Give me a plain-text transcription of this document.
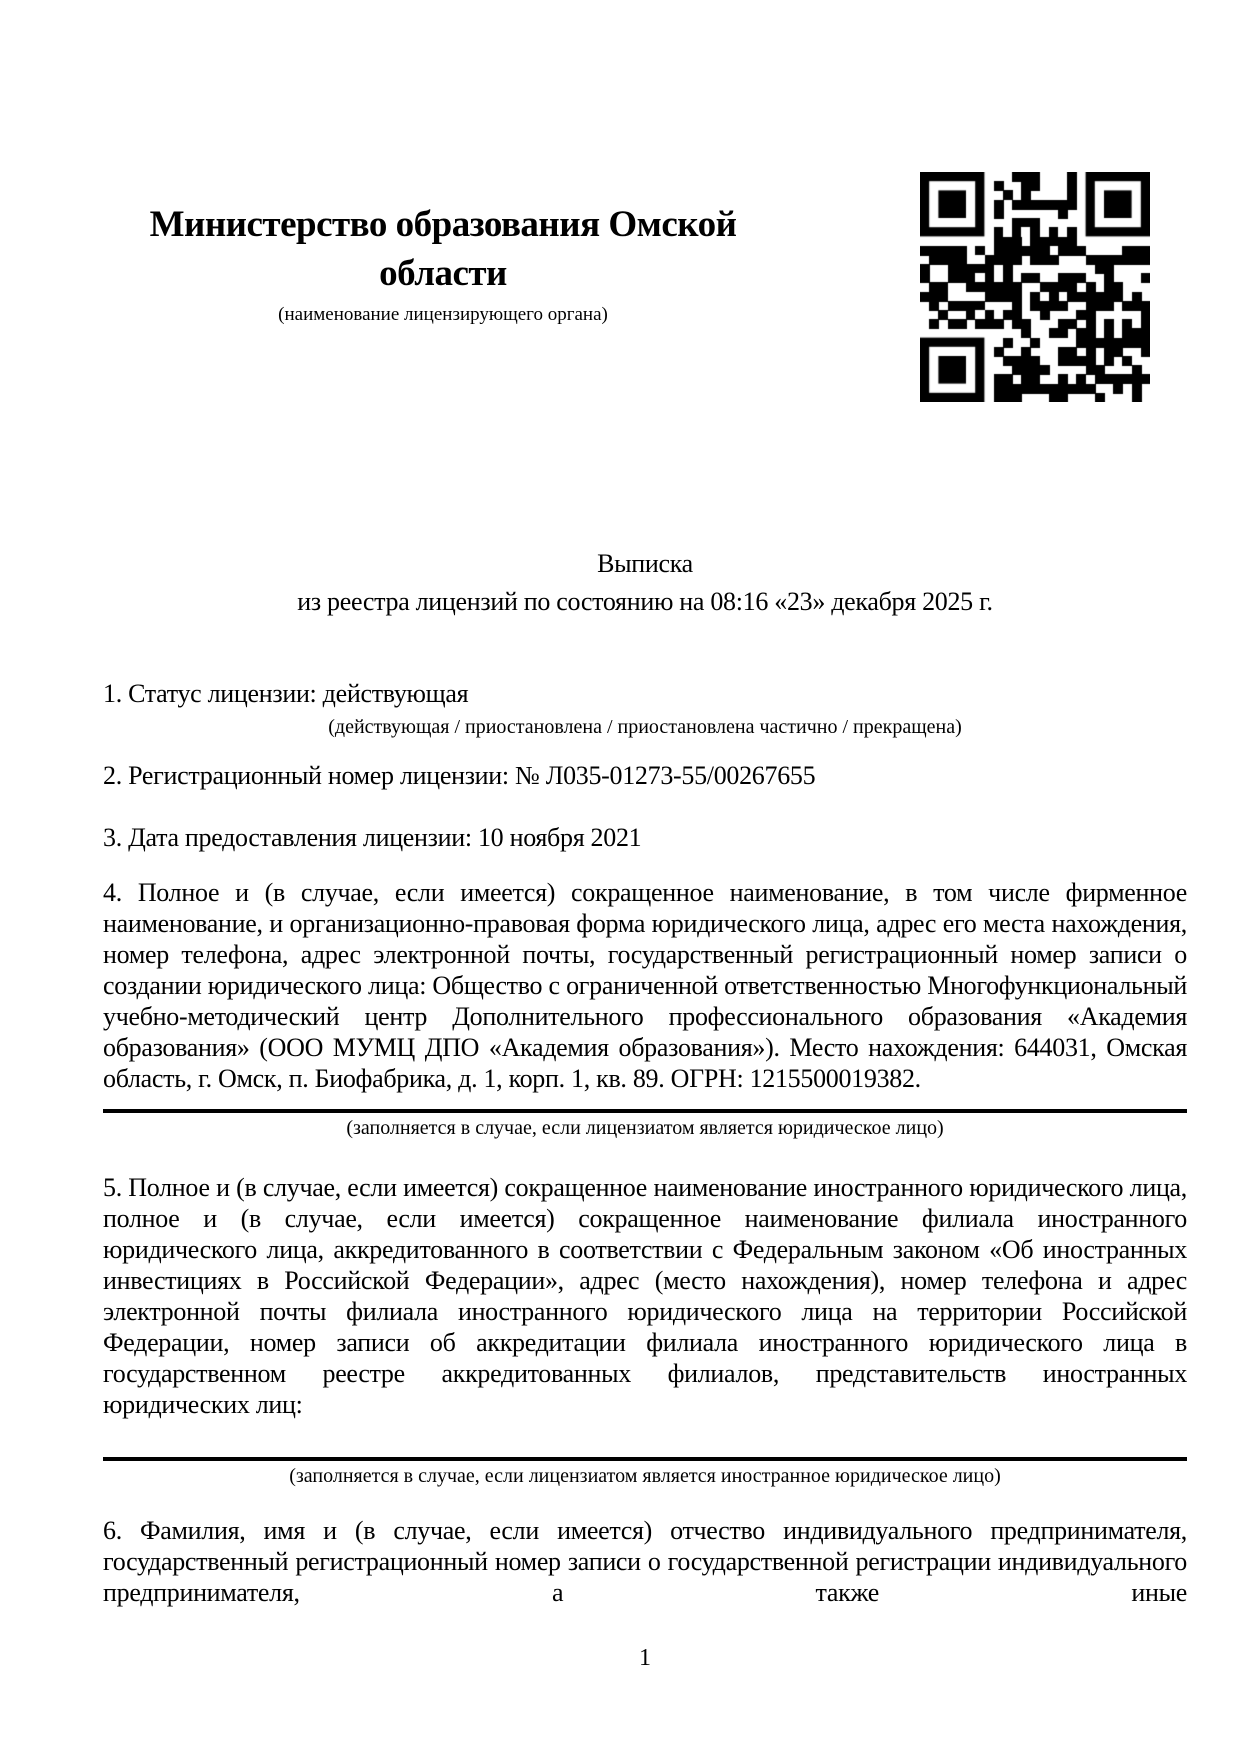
Министерство образования Омской области
(наименование лицензирующего органа)
Выписка
из реестра лицензий по состоянию на 08:16 «23» декабря 2025 г.
1. Статус лицензии: действующая
(действующая / приостановлена / приостановлена частично / прекращена)
2. Регистрационный номер лицензии: № Л035-01273-55/00267655
3. Дата предоставления лицензии: 10 ноября 2021
4. Полное и (в случае, если имеется) сокращенное наименование, в том числе фирменное наименование, и организационно-правовая форма юридического лица, адрес его места нахождения, номер телефона, адрес электронной почты, государственный регистрационный номер записи о создании юридического лица: Общество с ограниченной ответственностью Многофункциональный учебно-методический центр Дополнительного профессионального образования «Академия образования» (ООО МУМЦ ДПО «Академия образования»). Место нахождения: 644031, Омская область, г. Омск, п. Биофабрика, д. 1, корп. 1, кв. 89. ОГРН: 1215500019382.
(заполняется в случае, если лицензиатом является юридическое лицо)
5. Полное и (в случае, если имеется) сокращенное наименование иностранного юридического лица, полное и (в случае, если имеется) сокращенное наименование филиала иностранного юридического лица, аккредитованного в соответствии с Федеральным законом «Об иностранных инвестициях в Российской Федерации», адрес (место нахождения), номер телефона и адрес электронной почты филиала иностранного юридического лица на территории Российской Федерации, номер записи об аккредитации филиала иностранного юридического лица в государственном реестре аккредитованных филиалов, представительств иностранных юридических лиц:
(заполняется в случае, если лицензиатом является иностранное юридическое лицо)
6. Фамилия, имя и (в случае, если имеется) отчество индивидуального предпринимателя, государственный регистрационный номер записи о государственной регистрации индивидуального предпринимателя, а также иные
1
